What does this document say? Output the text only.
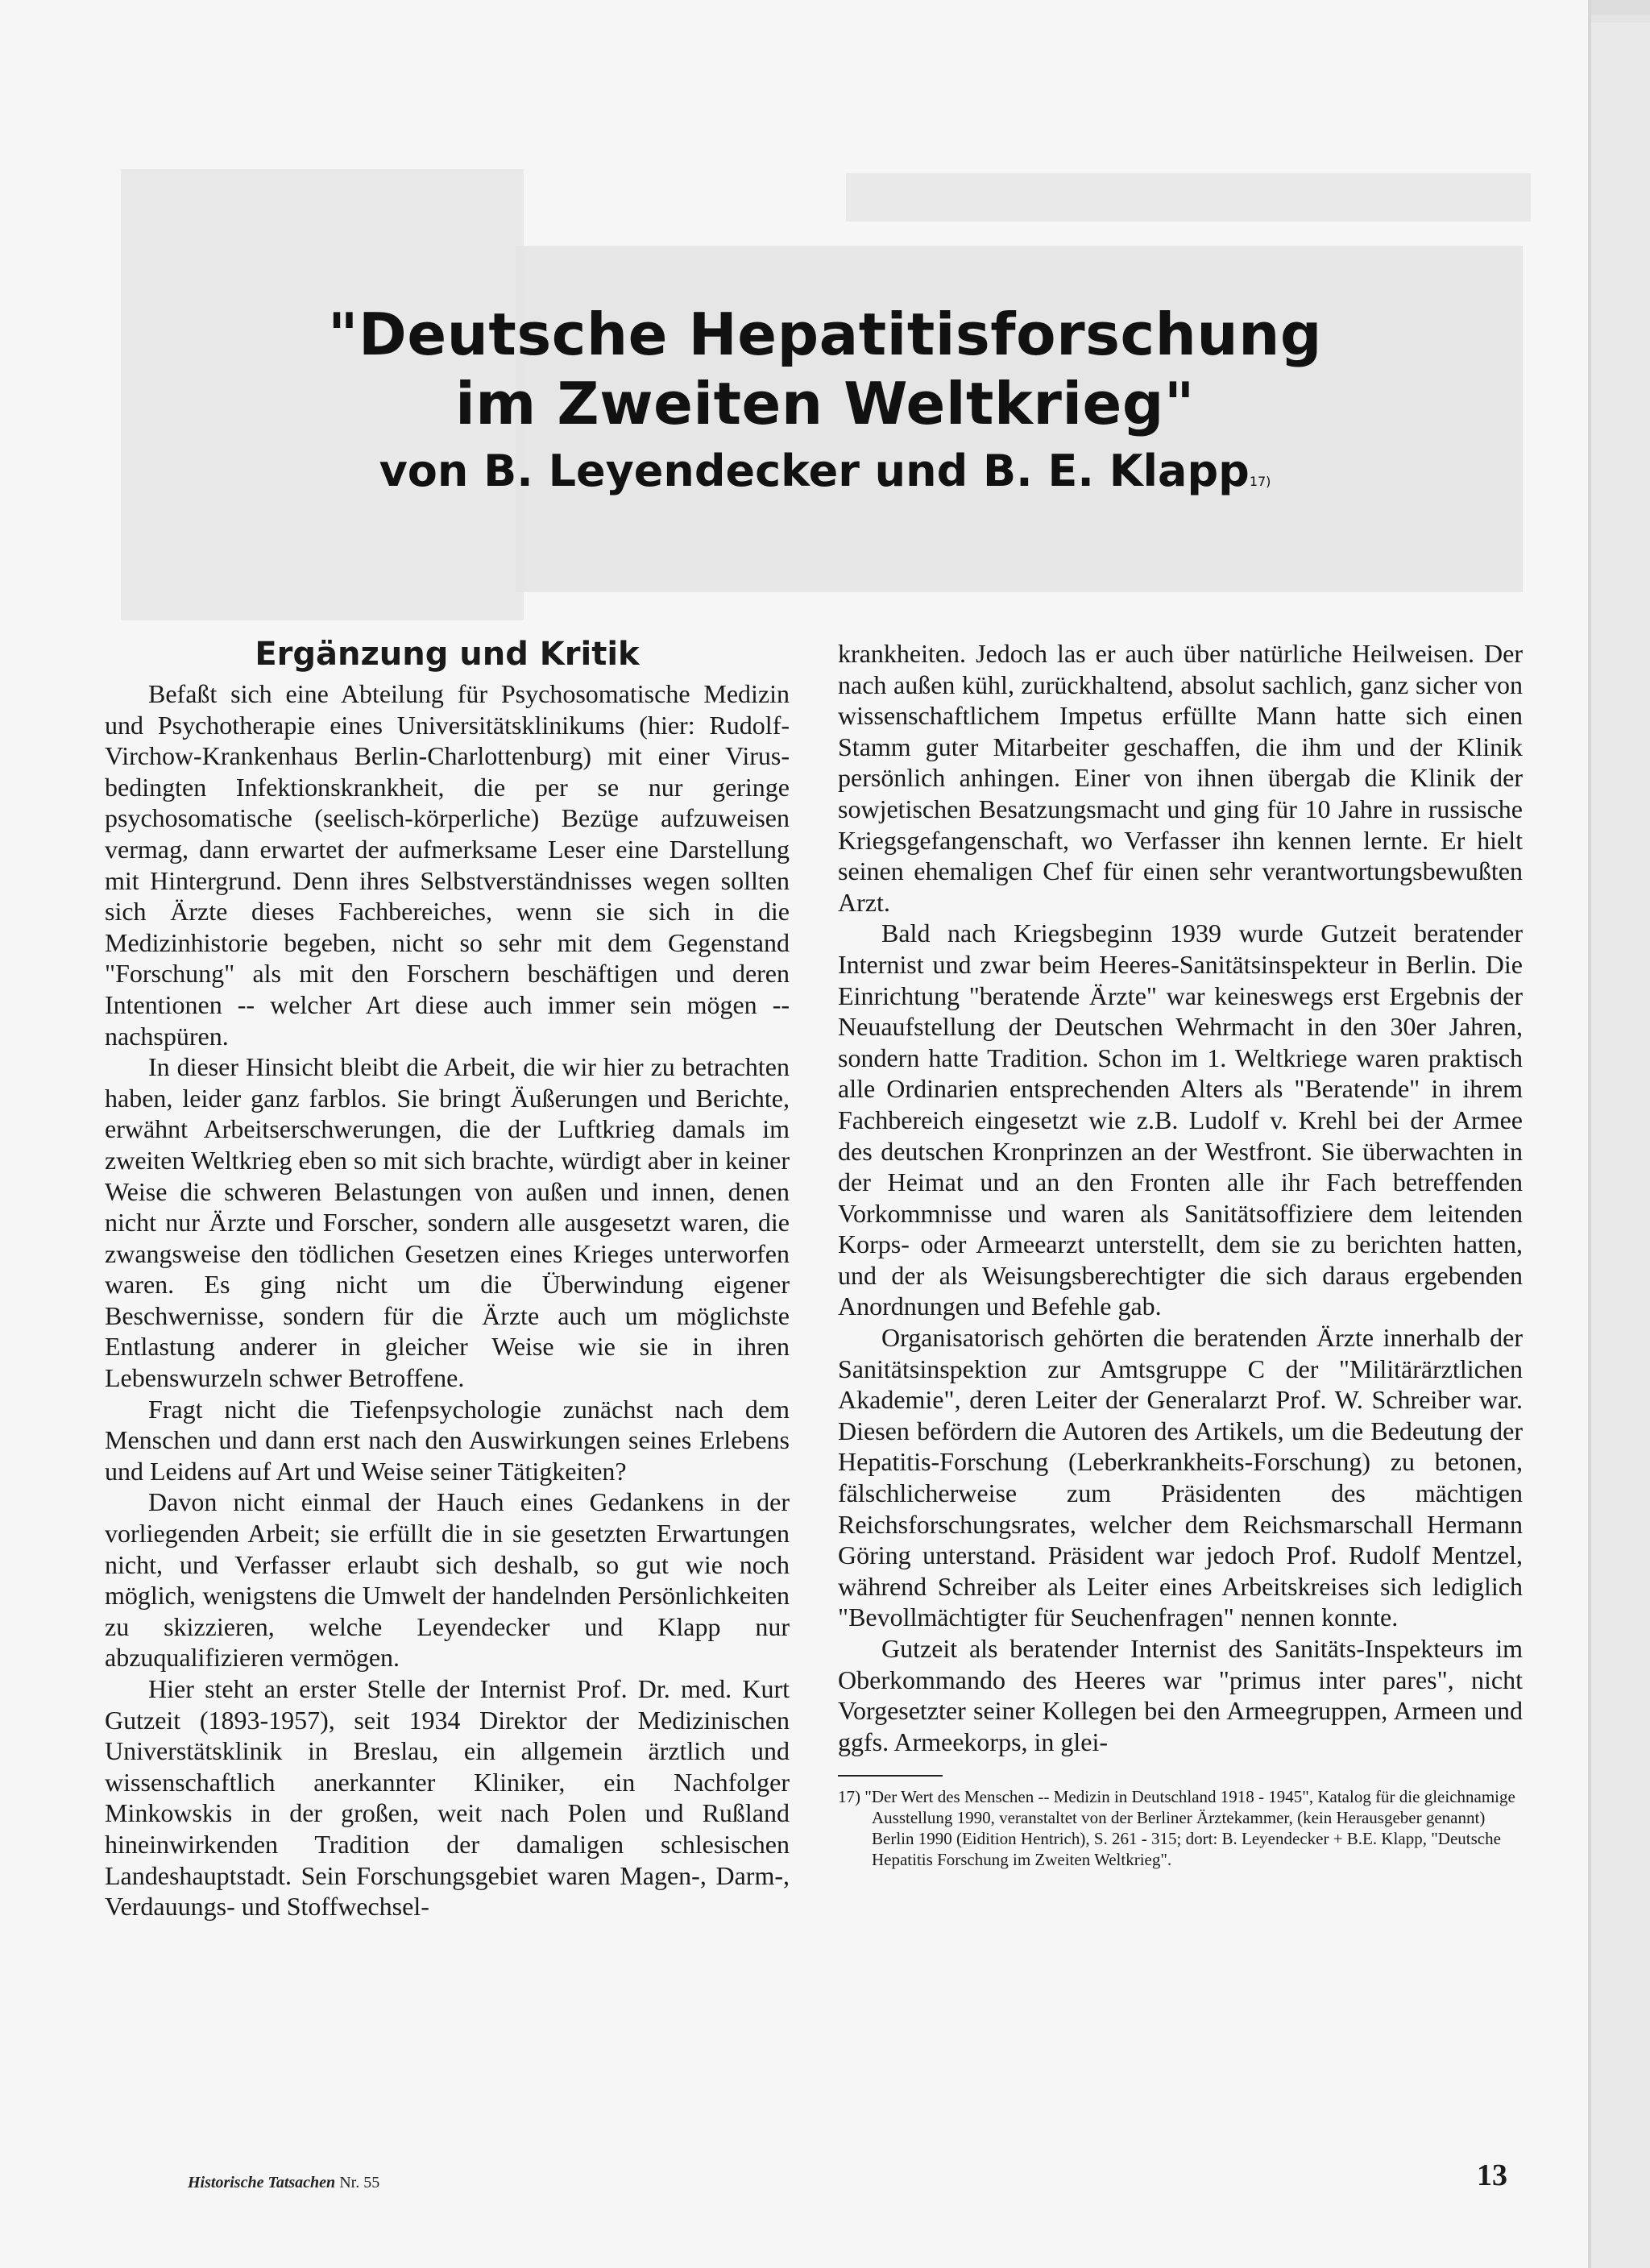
"Deutsche Hepatitisforschung
im Zweiten Weltkrieg"
von B. Leyendecker und B. E. Klapp17)
Ergänzung und Kritik

Befaßt sich eine Abteilung für Psychosomatische Medizin und Psychotherapie eines Universitätsklinikums (hier: Rudolf-Virchow-Krankenhaus Berlin-Charlottenburg) mit einer Virus-bedingten Infektionskrankheit, die per se nur geringe psychosomatische (seelisch-körperliche) Bezüge aufzuweisen vermag, dann erwartet der aufmerksame Leser eine Darstellung mit Hintergrund. Denn ihres Selbstverständnisses wegen sollten sich Ärzte dieses Fachbereiches, wenn sie sich in die Medizinhistorie begeben, nicht so sehr mit dem Gegenstand "Forschung" als mit den Forschern beschäftigen und deren Intentionen -- welcher Art diese auch immer sein mögen -- nachspüren.

In dieser Hinsicht bleibt die Arbeit, die wir hier zu betrachten haben, leider ganz farblos. Sie bringt Äußerungen und Berichte, erwähnt Arbeitserschwerungen, die der Luftkrieg damals im zweiten Weltkrieg eben so mit sich brachte, würdigt aber in keiner Weise die schweren Belastungen von außen und innen, denen nicht nur Ärzte und Forscher, sondern alle ausgesetzt waren, die zwangsweise den tödlichen Gesetzen eines Krieges unterworfen waren. Es ging nicht um die Überwindung eigener Beschwernisse, sondern für die Ärzte auch um möglichste Entlastung anderer in gleicher Weise wie sie in ihren Lebenswurzeln schwer Betroffene.

Fragt nicht die Tiefenpsychologie zunächst nach dem Menschen und dann erst nach den Auswirkungen seines Erlebens und Leidens auf Art und Weise seiner Tätigkeiten?

Davon nicht einmal der Hauch eines Gedankens in der vorliegenden Arbeit; sie erfüllt die in sie gesetzten Erwartungen nicht, und Verfasser erlaubt sich deshalb, so gut wie noch möglich, wenigstens die Umwelt der handelnden Persönlichkeiten zu skizzieren, welche Leyendecker und Klapp nur abzuqualifizieren vermögen.

Hier steht an erster Stelle der Internist Prof. Dr. med. Kurt Gutzeit (1893-1957), seit 1934 Direktor der Medizinischen Universtätsklinik in Breslau, ein allgemein ärztlich und wissenschaftlich anerkannter Kliniker, ein Nachfolger Minkowskis in der großen, weit nach Polen und Rußland hineinwirkenden Tradition der damaligen schlesischen Landeshauptstadt. Sein Forschungsgebiet waren Magen-, Darm-, Verdauungs- und Stoffwechsel-

krankheiten. Jedoch las er auch über natürliche Heilweisen. Der nach außen kühl, zurückhaltend, absolut sachlich, ganz sicher von wissenschaftlichem Impetus erfüllte Mann hatte sich einen Stamm guter Mitarbeiter geschaffen, die ihm und der Klinik persönlich anhingen. Einer von ihnen übergab die Klinik der sowjetischen Besatzungsmacht und ging für 10 Jahre in russische Kriegsgefangenschaft, wo Verfasser ihn kennen lernte. Er hielt seinen ehemaligen Chef für einen sehr verantwortungsbewußten Arzt.

Bald nach Kriegsbeginn 1939 wurde Gutzeit beratender Internist und zwar beim Heeres-Sanitätsinspekteur in Berlin. Die Einrichtung "beratende Ärzte" war keineswegs erst Ergebnis der Neuaufstellung der Deutschen Wehrmacht in den 30er Jahren, sondern hatte Tradition. Schon im 1. Weltkriege waren praktisch alle Ordinarien entsprechenden Alters als "Beratende" in ihrem Fachbereich eingesetzt wie z.B. Ludolf v. Krehl bei der Armee des deutschen Kronprinzen an der Westfront. Sie überwachten in der Heimat und an den Fronten alle ihr Fach betreffenden Vorkommnisse und waren als Sanitätsoffiziere dem leitenden Korps- oder Armeearzt unterstellt, dem sie zu berichten hatten, und der als Weisungsberechtigter die sich daraus ergebenden Anordnungen und Befehle gab.

Organisatorisch gehörten die beratenden Ärzte innerhalb der Sanitätsinspektion zur Amtsgruppe C der "Militärärztlichen Akademie", deren Leiter der Generalarzt Prof. W. Schreiber war. Diesen befördern die Autoren des Artikels, um die Bedeutung der Hepatitis-Forschung (Leberkrankheits-Forschung) zu betonen, fälschlicherweise zum Präsidenten des mächtigen Reichsforschungsrates, welcher dem Reichsmarschall Hermann Göring unterstand. Präsident war jedoch Prof. Rudolf Mentzel, während Schreiber als Leiter eines Arbeitskreises sich lediglich "Bevollmächtigter für Seuchenfragen" nennen konnte.

Gutzeit als beratender Internist des Sanitäts-Inspekteurs im Oberkommando des Heeres war "primus inter pares", nicht Vorgesetzter seiner Kollegen bei den Armeegruppen, Armeen und ggfs. Armeekorps, in glei-

17) "Der Wert des Menschen -- Medizin in Deutschland 1918 - 1945", Katalog für die gleichnamige Ausstellung 1990, veranstaltet von der Berliner Ärztekammer, (kein Herausgeber genannt) Berlin 1990 (Eidition Hentrich), S. 261 - 315; dort: B. Leyendecker + B.E. Klapp, "Deutsche Hepatitis Forschung im Zweiten Weltkrieg".
Historische Tatsachen Nr. 55	13
